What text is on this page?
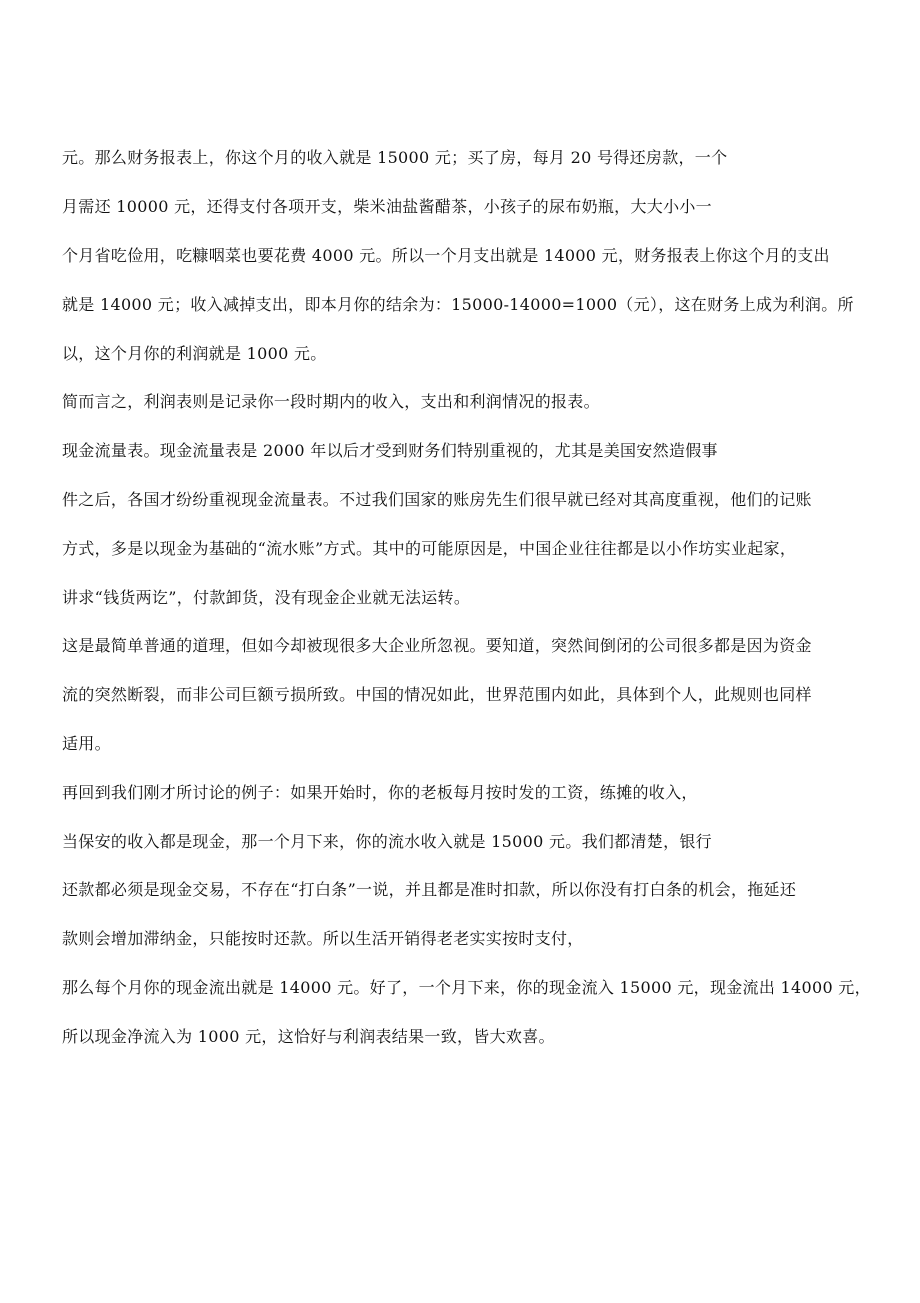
元。那么财务报表上，你这个月的收入就是 15000 元；买了房，每月 20 号得还房款，一个
月需还 10000 元，还得支付各项开支，柴米油盐酱醋茶，小孩子的尿布奶瓶，大大小小一
个月省吃俭用，吃糠咽菜也要花费 4000 元。所以一个月支出就是 14000 元，财务报表上你这个月的支出
就是 14000 元；收入减掉支出，即本月你的结余为：15000-14000=1000（元），这在财务上成为利润。所
以，这个月你的利润就是 1000 元。
简而言之，利润表则是记录你一段时期内的收入，支出和利润情况的报表。
现金流量表。现金流量表是 2000 年以后才受到财务们特别重视的，尤其是美国安然造假事
件之后，各国才纷纷重视现金流量表。不过我们国家的账房先生们很早就已经对其高度重视，他们的记账
方式，多是以现金为基础的“流水账”方式。其中的可能原因是，中国企业往往都是以小作坊实业起家，
讲求“钱货两讫”，付款卸货，没有现金企业就无法运转。
这是最简单普通的道理，但如今却被现很多大企业所忽视。要知道，突然间倒闭的公司很多都是因为资金
流的突然断裂，而非公司巨额亏损所致。中国的情况如此，世界范围内如此，具体到个人，此规则也同样
适用。
再回到我们刚才所讨论的例子：如果开始时，你的老板每月按时发的工资，练摊的收入，
当保安的收入都是现金，那一个月下来，你的流水收入就是 15000 元。我们都清楚，银行
还款都必须是现金交易，不存在“打白条”一说，并且都是准时扣款，所以你没有打白条的机会，拖延还
款则会增加滞纳金，只能按时还款。所以生活开销得老老实实按时支付，
那么每个月你的现金流出就是 14000 元。好了，一个月下来，你的现金流入 15000 元，现金流出 14000 元，
所以现金净流入为 1000 元，这恰好与利润表结果一致，皆大欢喜。
